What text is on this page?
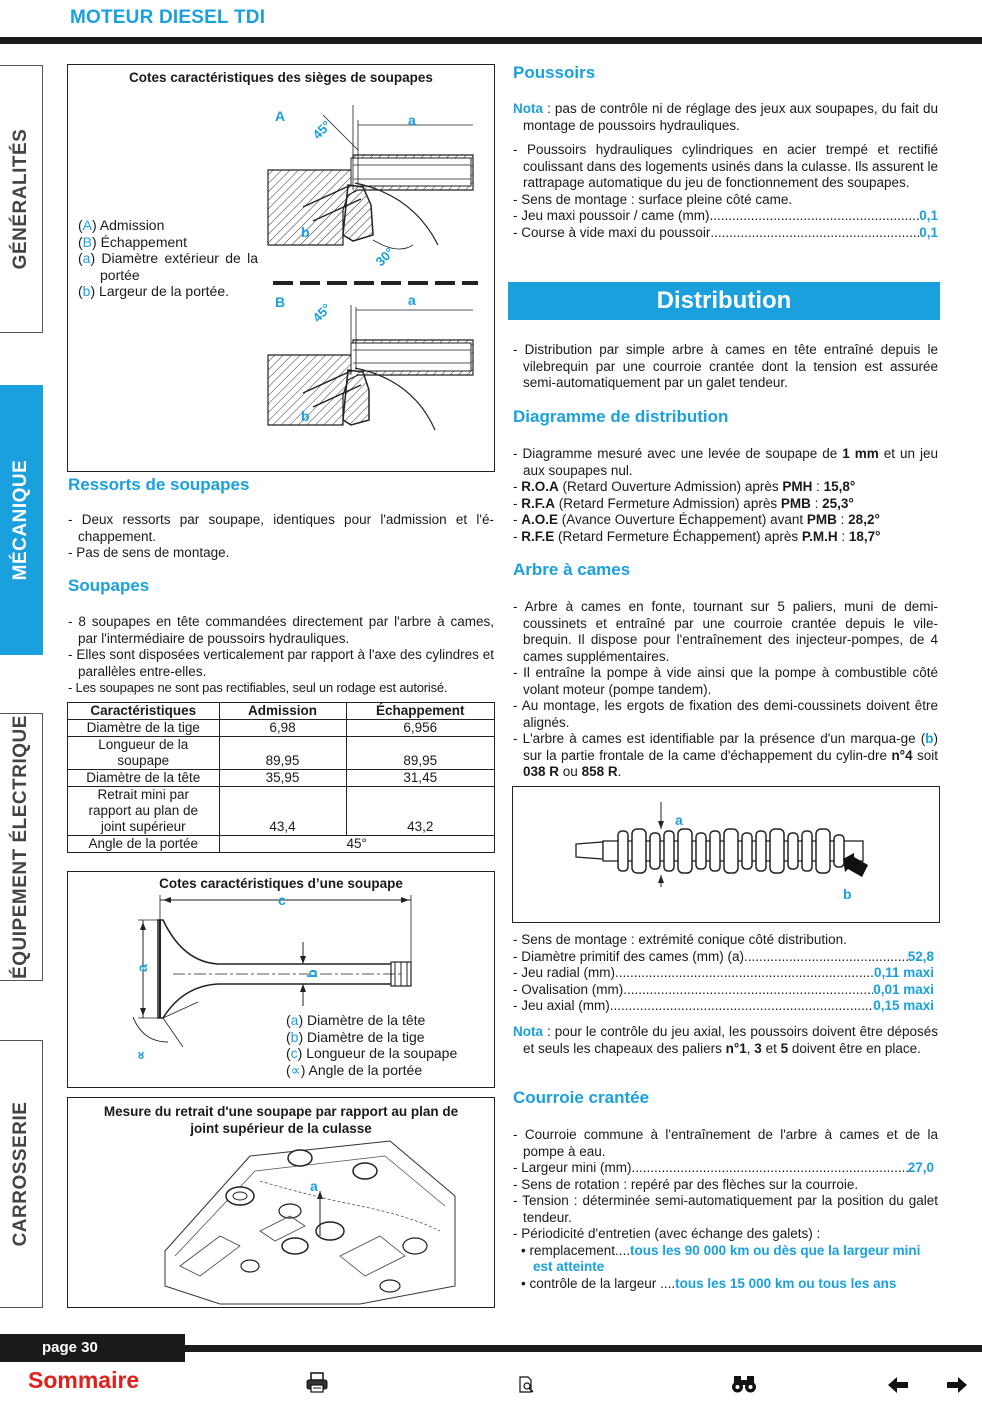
MOTEUR DIESEL TDI
GÉNÉRALITÉS
MÉCANIQUE
ÉQUIPEMENT ÉLECTRIQUE
CARROSSERIE
Cotes caractéristiques des sièges de soupapes
(A) Admission
(B) Échappement
(a) Diamètre extérieur de la portée
(b) Largeur de la portée.
A	a
45°
b
30°
B	a
45°
b
Ressorts de soupapes
- Deux ressorts par soupape, identiques pour l'admission et l'é-chappement.
- Pas de sens de montage.
Soupapes
- 8 soupapes en tête commandées directement par l'arbre à cames, par l'intermédiaire de poussoirs hydrauliques.
- Elles sont disposées verticalement par rapport à l'axe des cylindres et parallèles entre-elles.
- Les soupapes ne sont pas rectifiables, seul un rodage est autorisé.
Caractéristiques	Admission	Échappement
Diamètre de la tige	6,98	6,956
Longueur de la soupape	89,95	89,95
Diamètre de la tête	35,95	31,45
Retrait mini par rapport au plan de joint supérieur	43,4	43,2
Angle de la portée	45°	
Cotes caractéristiques d’une soupape
c
a
b
∝
(a) Diamètre de la tête
(b) Diamètre de la tige
(c) Longueur de la soupape
(∝) Angle de la portée
Mesure du retrait d'une soupape par rapport au plan de joint supérieur de la culasse
a
Poussoirs
Nota : pas de contrôle ni de réglage des jeux aux soupapes, du fait du montage de poussoirs hydrauliques.
- Poussoirs hydrauliques cylindriques en acier trempé et rectifié coulissant dans des logements usinés dans la culasse. Ils assurent le rattrapage automatique du jeu de fonctionnement des soupapes.
- Sens de montage : surface pleine côté came.
- Jeu maxi poussoir / came (mm) .....	0,1
- Course à vide maxi du poussoir .....	0,1
Distribution
- Distribution par simple arbre à cames en tête entraîné depuis le vilebrequin par une courroie crantée dont la tension est assurée semi-automatiquement par un galet tendeur.
Diagramme de distribution
- Diagramme mesuré avec une levée de soupape de 1 mm et un jeu aux soupapes nul.
- R.O.A (Retard Ouverture Admission) après PMH : 15,8°
- R.F.A (Retard Fermeture Admission) après PMB : 25,3°
- A.O.E (Avance Ouverture Échappement) avant PMB : 28,2°
- R.F.E (Retard Fermeture Échappement) après P.M.H : 18,7°
Arbre à cames
- Arbre à cames en fonte, tournant sur 5 paliers, muni de demi-coussinets et entraîné par une courroie crantée depuis le vile-brequin. Il dispose pour l'entraînement des injecteur-pompes, de 4 cames supplémentaires.
- Il entraîne la pompe à vide ainsi que la pompe à combustible côté volant moteur (pompe tandem).
- Au montage, les ergots de fixation des demi-coussinets doivent être alignés.
- L'arbre à cames est identifiable par la présence d'un marqua-ge (b) sur la partie frontale de la came d'échappement du cylin-dre n°4 soit 038 R ou 858 R.
a
b
- Sens de montage : extrémité conique côté distribution.
- Diamètre primitif des cames (mm) (a) .....	52,8
- Jeu radial (mm) .....	0,11 maxi
- Ovalisation (mm) .....	0,01 maxi
- Jeu axial (mm) .....	0,15 maxi
Nota : pour le contrôle du jeu axial, les poussoirs doivent être déposés et seuls les chapeaux des paliers n°1, 3 et 5 doivent être en place.
Courroie crantée
- Courroie commune à l'entraînement de l'arbre à cames et de la pompe à eau.
- Largeur mini (mm) .....	27,0
- Sens de rotation : repéré par des flèches sur la courroie.
- Tension : déterminée semi-automatiquement par la position du galet tendeur.
- Périodicité d'entretien (avec échange des galets) :
• remplacement....tous les 90 000 km ou dès que la largeur mini est atteinte
• contrôle de la largeur ....tous les 15 000 km ou tous les ans
page 30
Sommaire
